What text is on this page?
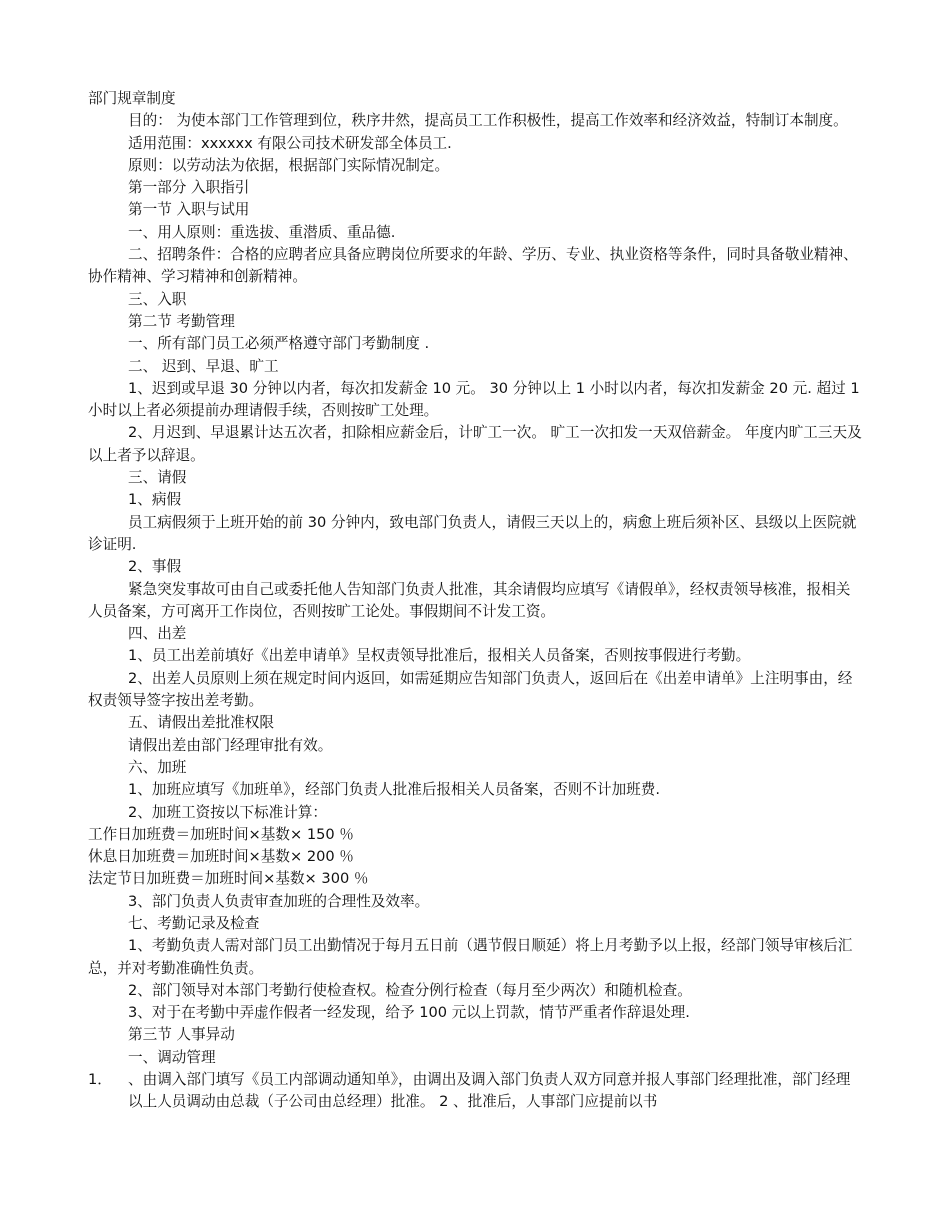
部门规章制度

目的： 为使本部门工作管理到位，秩序井然，提高员工工作积极性，提高工作效率和经济效益，特制订本制度。

适用范围：xxxxxx 有限公司技术研发部全体员工.

原则：以劳动法为依据，根据部门实际情况制定。

第一部分 入职指引

第一节 入职与试用

一、用人原则：重选拔、重潜质、重品德.

二、招聘条件：合格的应聘者应具备应聘岗位所要求的年龄、学历、专业、执业资格等条件，同时具备敬业精神、协作精神、学习精神和创新精神。

三、入职

第二节 考勤管理

一、所有部门员工必须严格遵守部门考勤制度 .

二、 迟到、早退、旷工

1、迟到或早退 30 分钟以内者，每次扣发薪金 10 元。 30 分钟以上 1 小时以内者，每次扣发薪金 20 元. 超过 1 小时以上者必须提前办理请假手续，否则按旷工处理。

2、月迟到、早退累计达五次者，扣除相应薪金后，计旷工一次。 旷工一次扣发一天双倍薪金。 年度内旷工三天及以上者予以辞退。

三、请假

1、病假

员工病假须于上班开始的前 30 分钟内，致电部门负责人，请假三天以上的，病愈上班后须补区、县级以上医院就诊证明.

2、事假

紧急突发事故可由自己或委托他人告知部门负责人批准，其余请假均应填写《请假单》，经权责领导核准，报相关人员备案，方可离开工作岗位，否则按旷工论处。事假期间不计发工资。

四、出差

1、员工出差前填好《出差申请单》呈权责领导批准后，报相关人员备案，否则按事假进行考勤。

2、出差人员原则上须在规定时间内返回，如需延期应告知部门负责人，返回后在《出差申请单》上注明事由，经权责领导签字按出差考勤。

五、请假出差批准权限

请假出差由部门经理审批有效。

六、加班

1、加班应填写《加班单》，经部门负责人批准后报相关人员备案，否则不计加班费.

2、加班工资按以下标准计算：

工作日加班费＝加班时间×基数× 150 ％

休息日加班费＝加班时间×基数× 200 ％

法定节日加班费＝加班时间×基数× 300 ％

3、部门负责人负责审查加班的合理性及效率。

七、考勤记录及检查

1、考勤负责人需对部门员工出勤情况于每月五日前（遇节假日顺延）将上月考勤予以上报，经部门领导审核后汇总，并对考勤准确性负责。

2、部门领导对本部门考勤行使检查权。检查分例行检查（每月至少两次）和随机检查。

3、对于在考勤中弄虚作假者一经发现，给予 100 元以上罚款，情节严重者作辞退处理.

第三节 人事异动

一、调动管理

1． 、由调入部门填写《员工内部调动通知单》，由调出及调入部门负责人双方同意并报人事部门经理批准，部门经理以上人员调动由总裁（子公司由总经理）批准。 2 、批准后，人事部门应提前以书
